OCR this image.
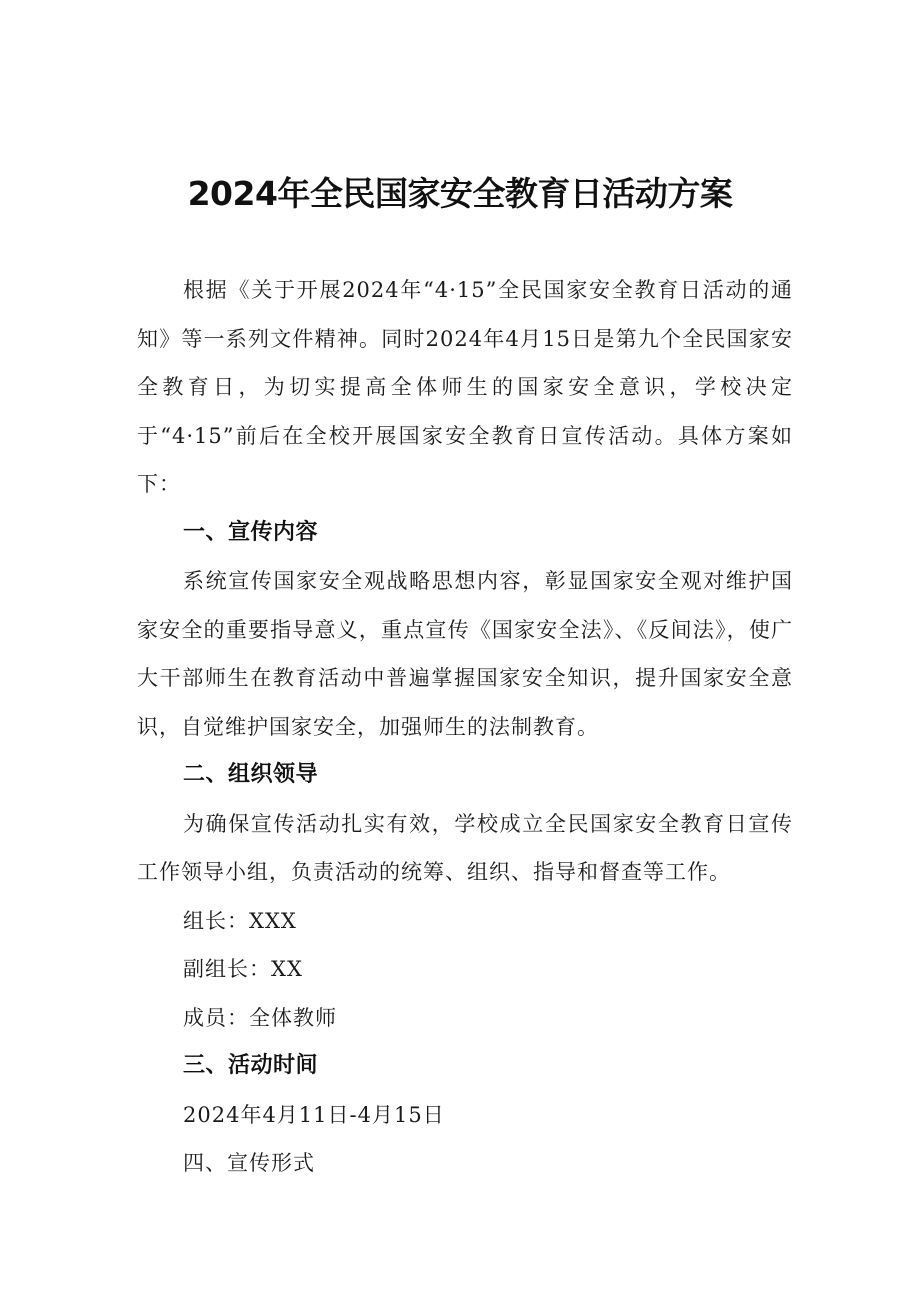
2024年全民国家安全教育日活动方案

根据《关于开展2024年“4·15”全民国家安全教育日活动的通知》等一系列文件精神。同时2024年4月15日是第九个全民国家安全教育日，为切实提高全体师生的国家安全意识，学校决定于“4·15”前后在全校开展国家安全教育日宣传活动。具体方案如下：

一、宣传内容

系统宣传国家安全观战略思想内容，彰显国家安全观对维护国家安全的重要指导意义，重点宣传《国家安全法》、《反间法》，使广大干部师生在教育活动中普遍掌握国家安全知识，提升国家安全意识，自觉维护国家安全，加强师生的法制教育。

二、组织领导

为确保宣传活动扎实有效，学校成立全民国家安全教育日宣传工作领导小组，负责活动的统筹、组织、指导和督查等工作。

组长：XXX

副组长：XX

成员：全体教师

三、活动时间

2024年4月11日-4月15日

四、宣传形式
